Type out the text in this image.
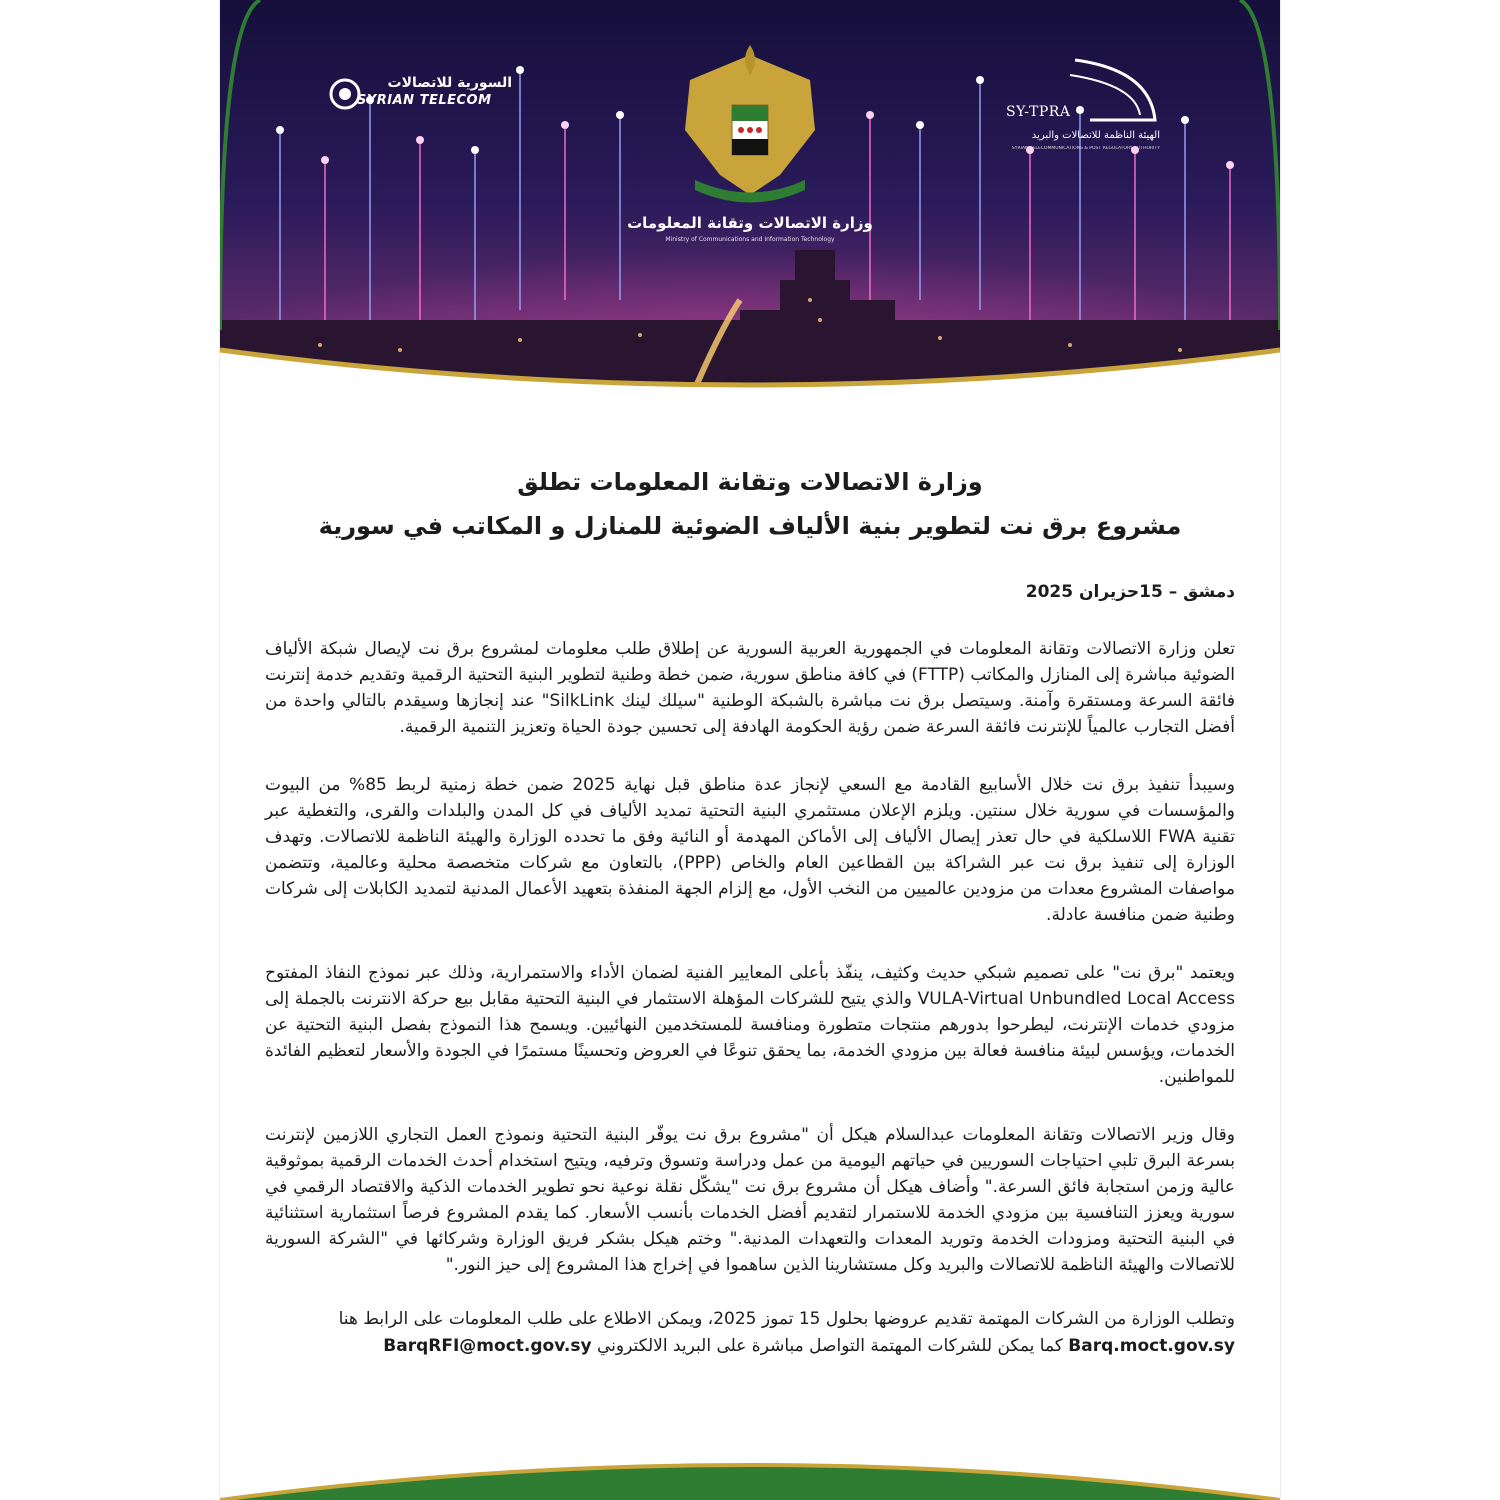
السورية للاتصالات
SYRIAN TELECOM
SY-TPRA
الهيئة الناظمة للاتصالات والبريد
SYRIAN TELECOMMUNICATIONS & POST REGULATORY AUTHORITY
وزارة الاتصالات وتقانة المعلومات
Ministry of Communications and Information Technology

وزارة الاتصالات وتقانة المعلومات تطلق

مشروع برق نت لتطوير بنية الألياف الضوئية للمنازل و المكاتب في سورية

دمشق – 15حزيران 2025
تعلن وزارة الاتصالات وتقانة المعلومات في الجمهورية العربية السورية عن إطلاق طلب معلومات لمشروع برق نت لإيصال شبكة الألياف الضوئية مباشرة إلى المنازل والمكاتب (FTTP) في كافة مناطق سورية، ضمن خطة وطنية لتطوير البنية التحتية الرقمية وتقديم خدمة إنترنت فائقة السرعة ومستقرة وآمنة. وسيتصل برق نت مباشرة بالشبكة الوطنية "سيلك لينك SilkLink" عند إنجازها وسيقدم بالتالي واحدة من أفضل التجارب عالمياً للإنترنت فائقة السرعة ضمن رؤية الحكومة الهادفة إلى تحسين جودة الحياة وتعزيز التنمية الرقمية.
وسيبدأ تنفيذ برق نت خلال الأسابيع القادمة مع السعي لإنجاز عدة مناطق قبل نهاية 2025 ضمن خطة زمنية لربط 85% من البيوت والمؤسسات في سورية خلال سنتين. ويلزم الإعلان مستثمري البنية التحتية تمديد الألياف في كل المدن والبلدات والقرى، والتغطية عبر تقنية FWA اللاسلكية في حال تعذر إيصال الألياف إلى الأماكن المهدمة أو النائية وفق ما تحدده الوزارة والهيئة الناظمة للاتصالات. وتهدف الوزارة إلى تنفيذ برق نت عبر الشراكة بين القطاعين العام والخاص (PPP)، بالتعاون مع شركات متخصصة محلية وعالمية، وتتضمن مواصفات المشروع معدات من مزودين عالميين من النخب الأول، مع إلزام الجهة المنفذة بتعهيد الأعمال المدنية لتمديد الكابلات إلى شركات وطنية ضمن منافسة عادلة.
ويعتمد "برق نت" على تصميم شبكي حديث وكثيف، ينفّذ بأعلى المعايير الفنية لضمان الأداء والاستمرارية، وذلك عبر نموذج النفاذ المفتوح VULA-Virtual Unbundled Local Access والذي يتيح للشركات المؤهلة الاستثمار في البنية التحتية مقابل بيع حركة الانترنت بالجملة إلى مزودي خدمات الإنترنت، ليطرحوا بدورهم منتجات متطورة ومنافسة للمستخدمين النهائيين. ويسمح هذا النموذج بفصل البنية التحتية عن الخدمات، ويؤسس لبيئة منافسة فعالة بين مزودي الخدمة، بما يحقق تنوعًا في العروض وتحسينًا مستمرًا في الجودة والأسعار لتعظيم الفائدة للمواطنين.
وقال وزير الاتصالات وتقانة المعلومات عبدالسلام هيكل أن "مشروع برق نت يوفّر البنية التحتية ونموذج العمل التجاري اللازمين لإنترنت بسرعة البرق تلبي احتياجات السوريين في حياتهم اليومية من عمل ودراسة وتسوق وترفيه، ويتيح استخدام أحدث الخدمات الرقمية بموثوقية عالية وزمن استجابة فائق السرعة." وأضاف هيكل أن مشروع برق نت "يشكّل نقلة نوعية نحو تطوير الخدمات الذكية والاقتصاد الرقمي في سورية ويعزز التنافسية بين مزودي الخدمة للاستمرار لتقديم أفضل الخدمات بأنسب الأسعار. كما يقدم المشروع فرصاً استثمارية استثنائية في البنية التحتية ومزودات الخدمة وتوريد المعدات والتعهدات المدنية." وختم هيكل بشكر فريق الوزارة وشركائها في "الشركة السورية للاتصالات والهيئة الناظمة للاتصالات والبريد وكل مستشارينا الذين ساهموا في إخراج هذا المشروع إلى حيز النور."
وتطلب الوزارة من الشركات المهتمة تقديم عروضها بحلول 15 تموز 2025، ويمكن الاطلاع على طلب المعلومات على الرابط هنا Barq.moct.gov.sy كما يمكن للشركات المهتمة التواصل مباشرة على البريد الالكتروني BarqRFI@moct.gov.sy
